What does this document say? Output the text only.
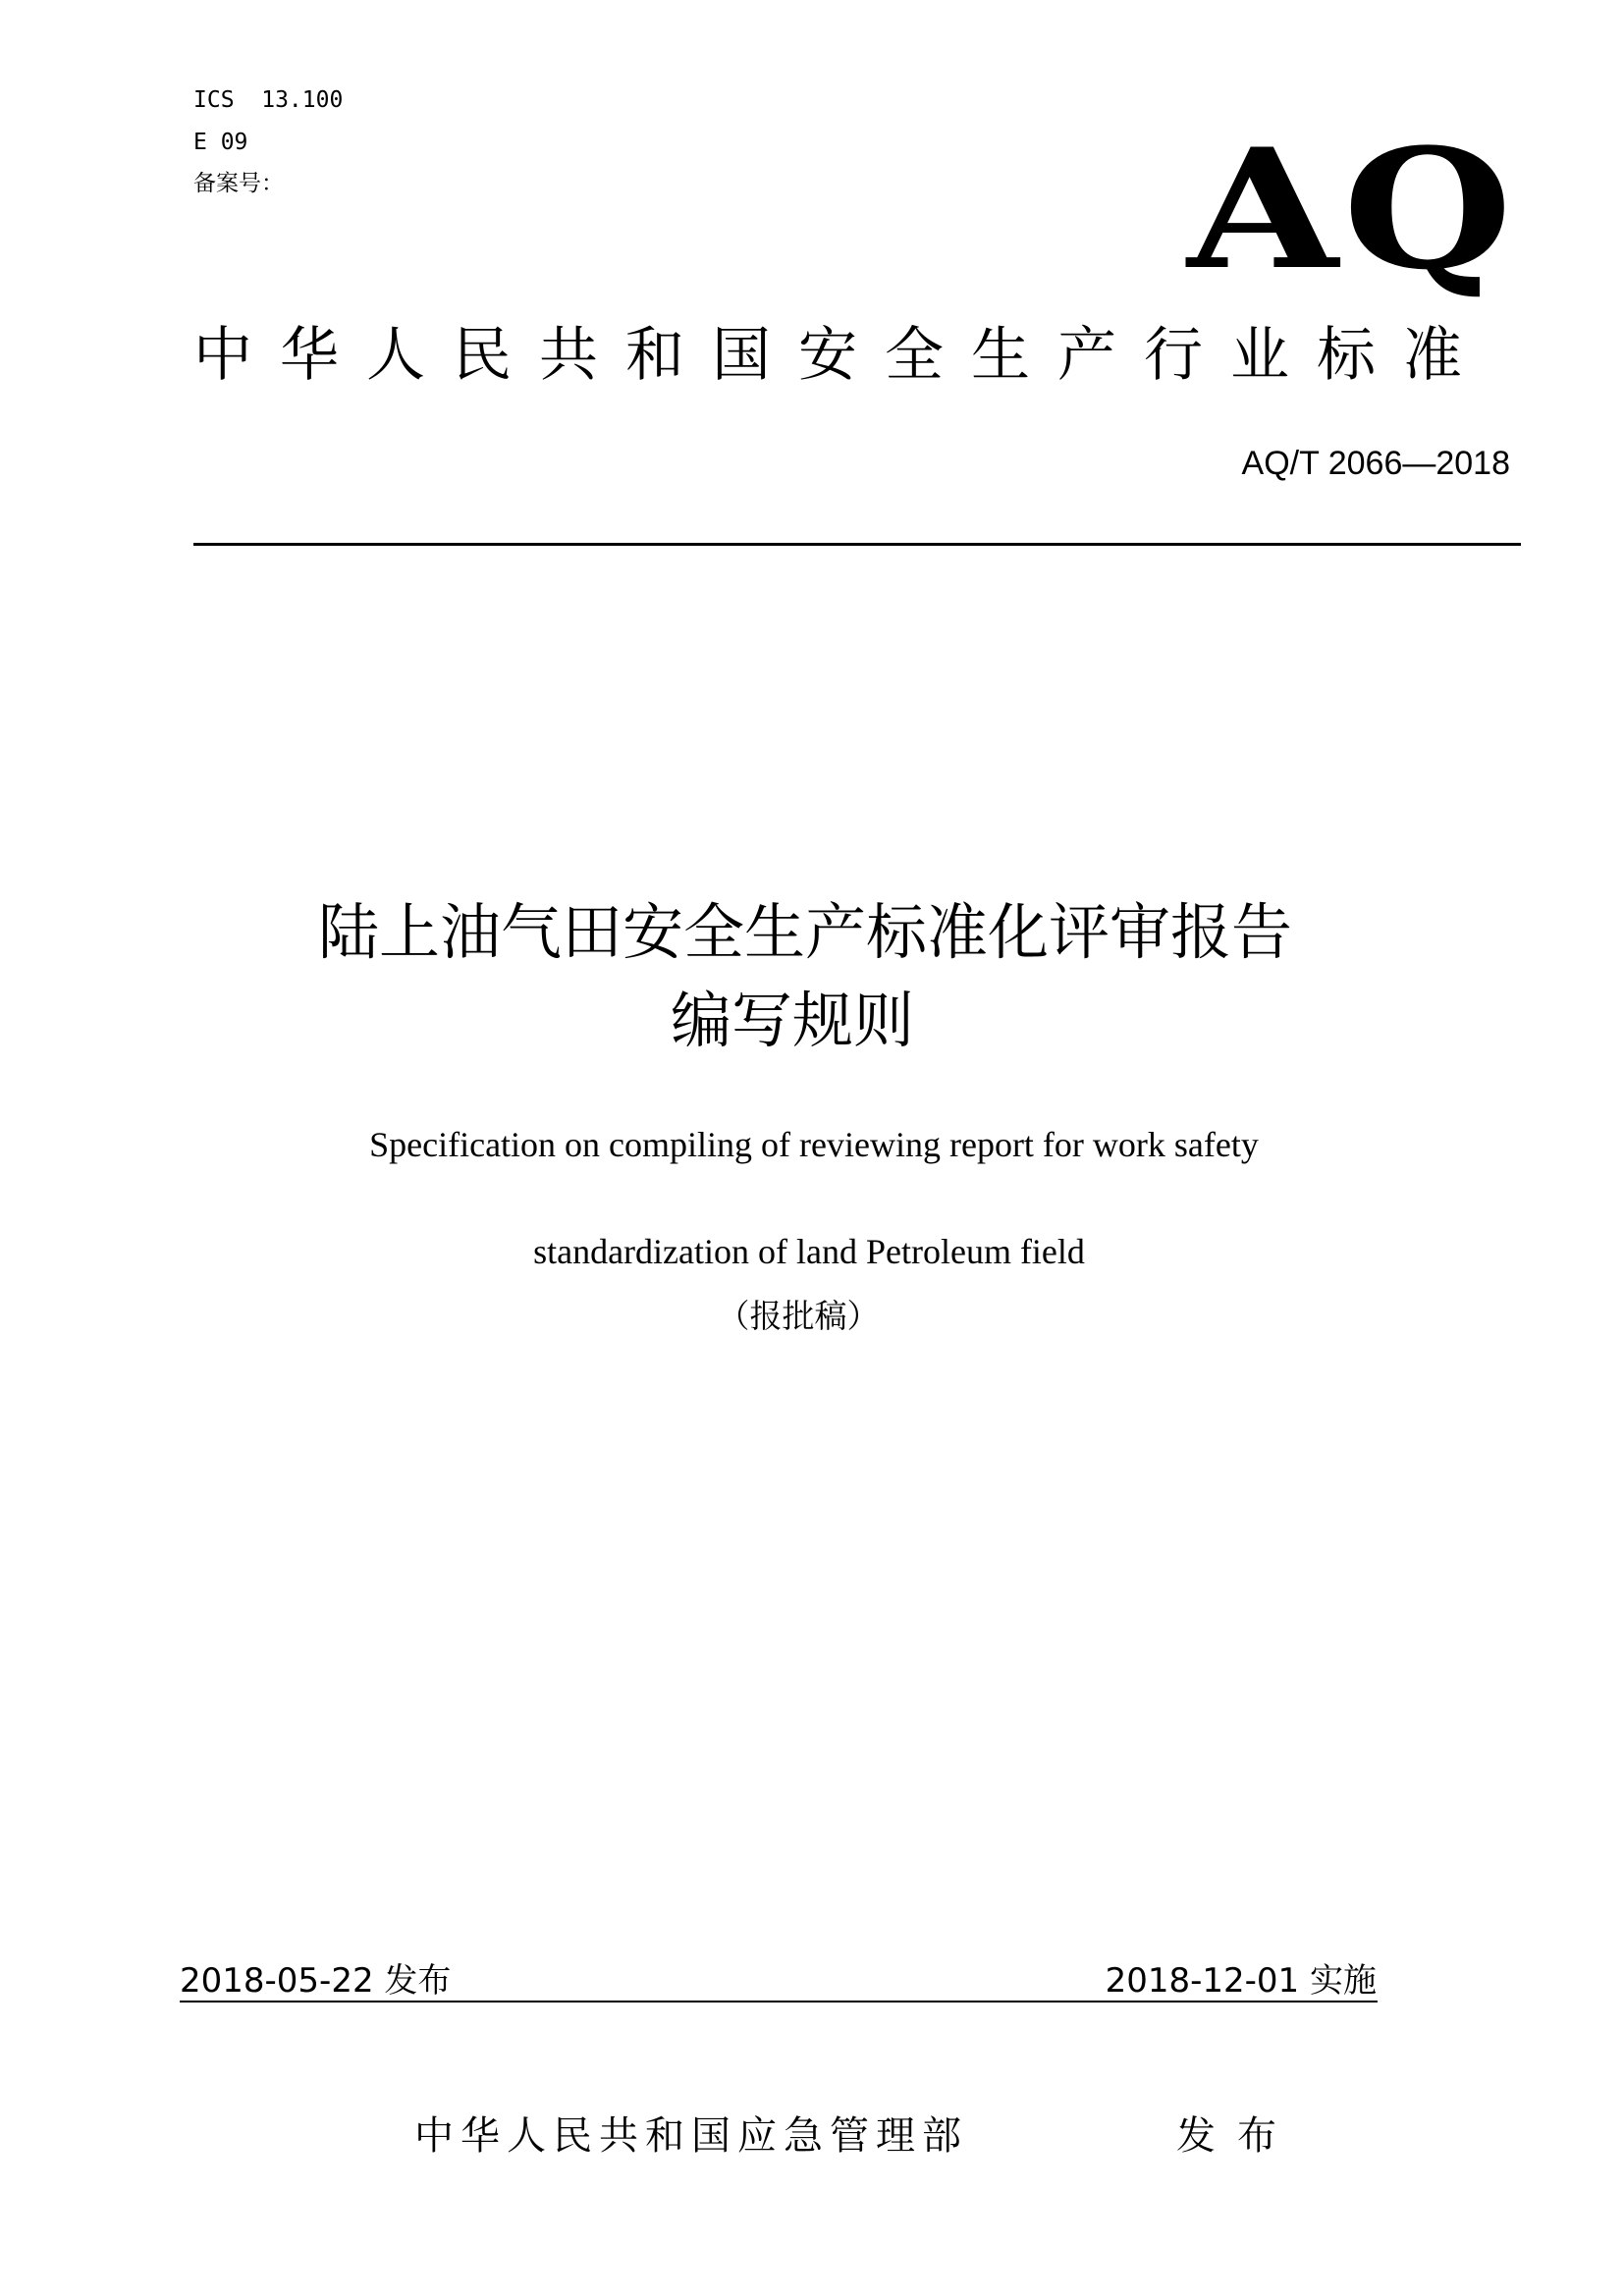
ICS  13.100
E 09
备案号：	AQ
中华人民共和国安全生产行业标准
AQ/T 2066—2018
陆上油气田安全生产标准化评审报告
编写规则
Specification on compiling of reviewing report for work safety
standardization of land Petroleum field
（报批稿）
2018-05-22 发布	2018-12-01 实施
中华人民共和国应急管理部	发布
